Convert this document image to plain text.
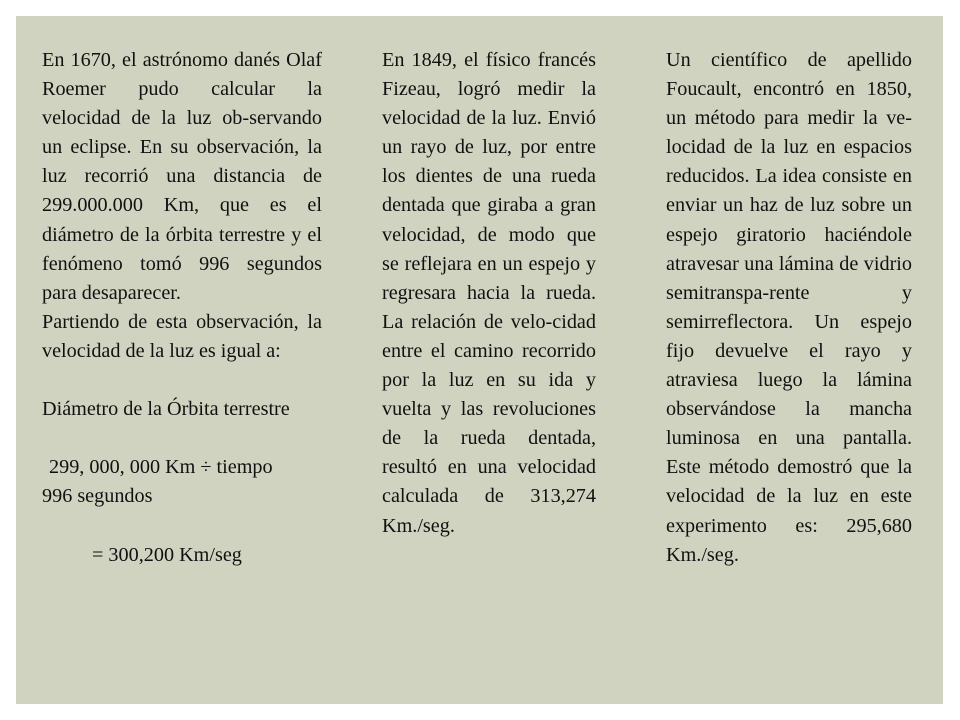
En 1670, el astrónomo danés Olaf Roemer pudo calcular la velocidad de la luz ob-servando un eclipse. En su observación, la luz recorrió una distancia de 299.000.000 Km, que es el diámetro de la órbita terrestre y el fenómeno tomó 996 segundos para desaparecer.

Partiendo de esta observación, la velocidad de la luz es igual a:

Diámetro de la Órbita terrestre

299, 000, 000 Km ÷ tiempo

996 segundos

= 300,200 Km/seg

En 1849, el físico francés Fizeau, logró medir la velocidad de la luz. Envió un rayo de luz, por entre los dientes de una rueda dentada que giraba a gran velocidad, de modo que se reflejara en un espejo y regresara hacia la rueda. La relación de velo-cidad entre el camino recorrido por la luz en su ida y vuelta y las revoluciones de la rueda dentada, resultó en una velocidad calculada de 313,274 Km./seg.

Un científico de apellido Foucault, encontró en 1850, un método para medir la ve-locidad de la luz en espacios reducidos. La idea consiste en enviar un haz de luz sobre un espejo giratorio haciéndole atravesar una lámina de vidrio semitranspa-rente y semirreflectora. Un espejo fijo devuelve el rayo y atraviesa luego la lámina observándose la mancha luminosa en una pantalla. Este método demostró que la velocidad de la luz en este experimento es: 295,680 Km./seg.
